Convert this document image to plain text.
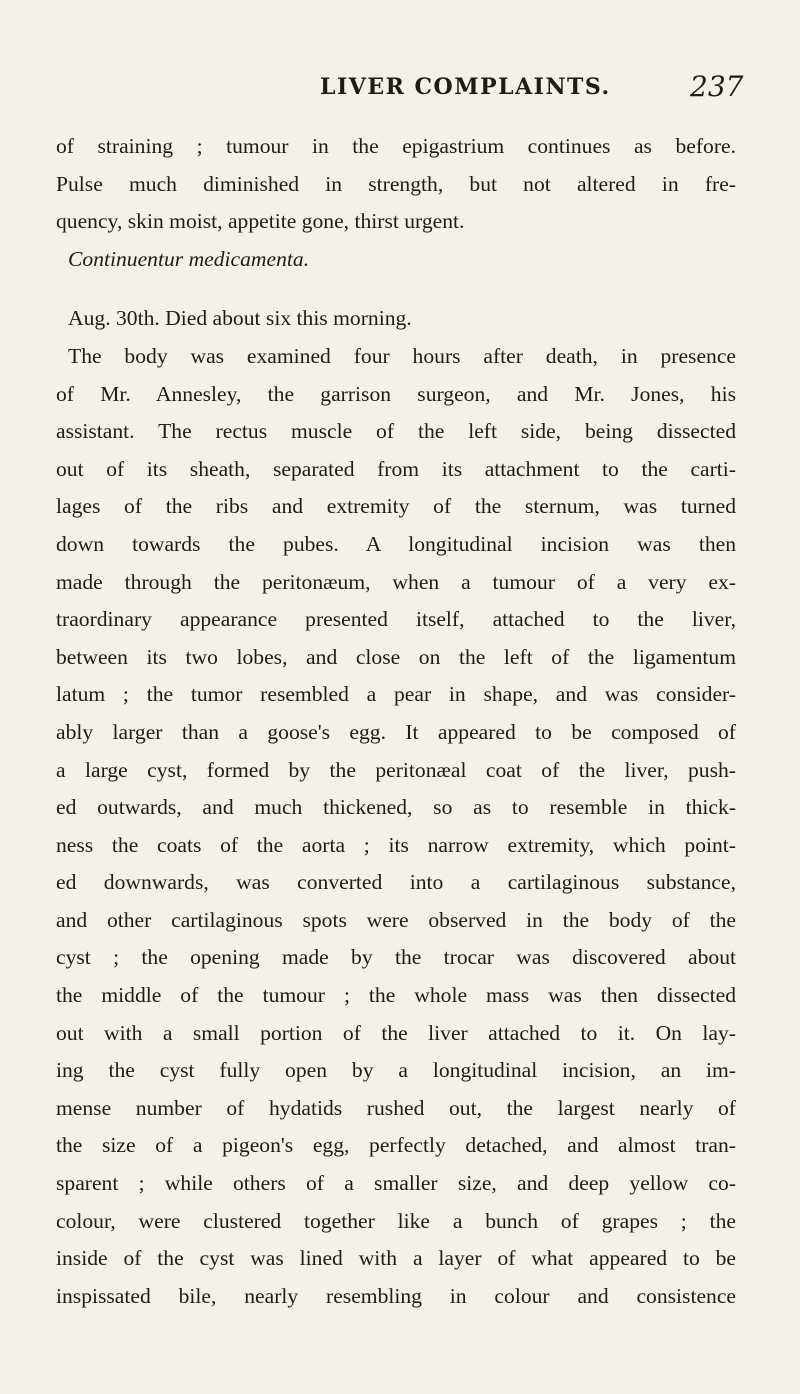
LIVER COMPLAINTS.	237
of straining ; tumour in the epigastrium continues as before.
Pulse much diminished in strength, but not altered in fre-
quency, skin moist, appetite gone, thirst urgent.
Continuentur medicamenta.
Aug. 30th. Died about six this morning.
The body was examined four hours after death, in presence
of Mr. Annesley, the garrison surgeon, and Mr. Jones, his
assistant. The rectus muscle of the left side, being dissected
out of its sheath, separated from its attachment to the carti-
lages of the ribs and extremity of the sternum, was turned
down towards the pubes. A longitudinal incision was then
made through the peritonæum, when a tumour of a very ex-
traordinary appearance presented itself, attached to the liver,
between its two lobes, and close on the left of the ligamentum
latum ; the tumor resembled a pear in shape, and was consider-
ably larger than a goose's egg. It appeared to be composed of
a large cyst, formed by the peritonæal coat of the liver, push-
ed outwards, and much thickened, so as to resemble in thick-
ness the coats of the aorta ; its narrow extremity, which point-
ed downwards, was converted into a cartilaginous substance,
and other cartilaginous spots were observed in the body of the
cyst ; the opening made by the trocar was discovered about
the middle of the tumour ; the whole mass was then dissected
out with a small portion of the liver attached to it. On lay-
ing the cyst fully open by a longitudinal incision, an im-
mense number of hydatids rushed out, the largest nearly of
the size of a pigeon's egg, perfectly detached, and almost tran-
sparent ; while others of a smaller size, and deep yellow co-
colour, were clustered together like a bunch of grapes ; the
inside of the cyst was lined with a layer of what appeared to be
inspissated bile, nearly resembling in colour and consistence
